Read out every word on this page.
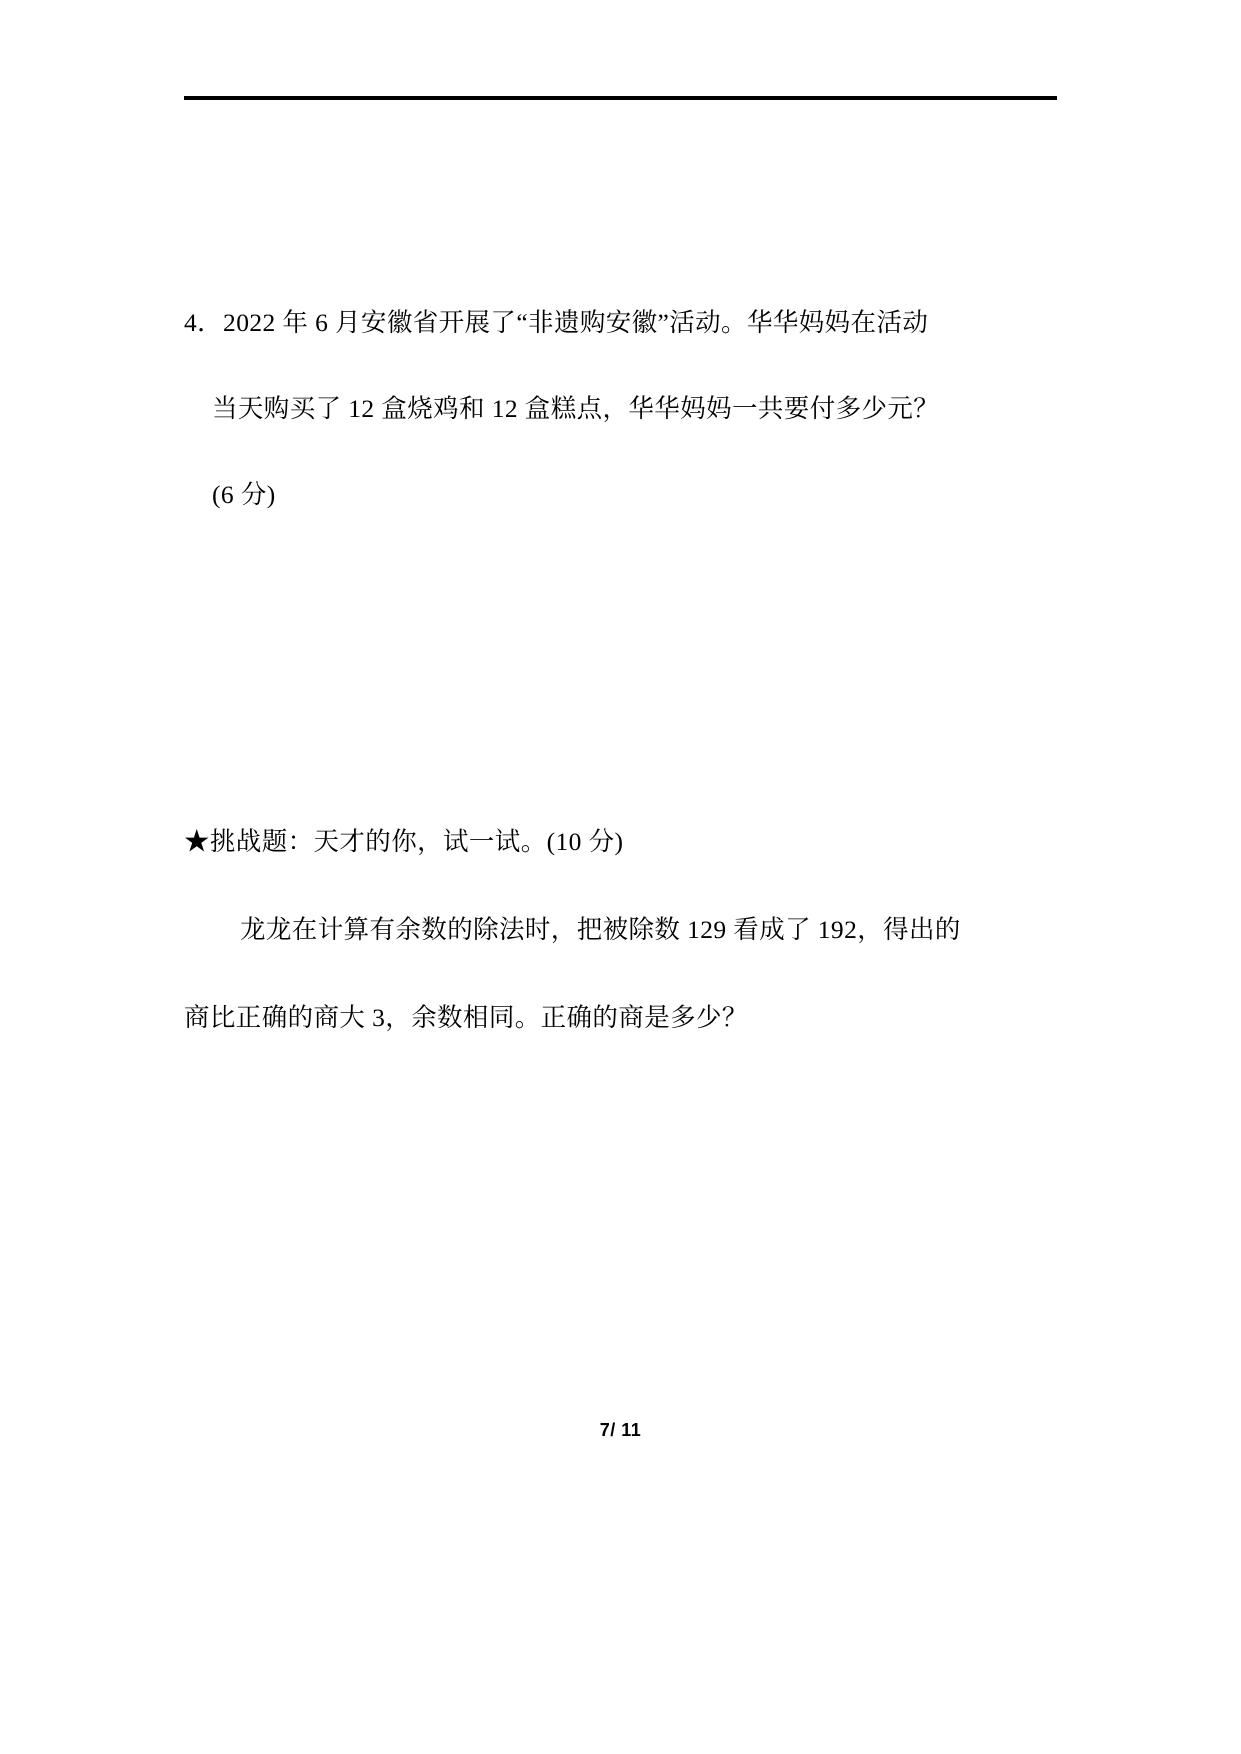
4．2022 年 6 月安徽省开展了“非遗购安徽”活动。华华妈妈在活动
当天购买了 12 盒烧鸡和 12 盒糕点，华华妈妈一共要付多少元？
(6 分)
★挑战题：天才的你，试一试。(10 分)
龙龙在计算有余数的除法时，把被除数 129 看成了 192，得出的
商比正确的商大 3，余数相同。正确的商是多少？
7/ 11
